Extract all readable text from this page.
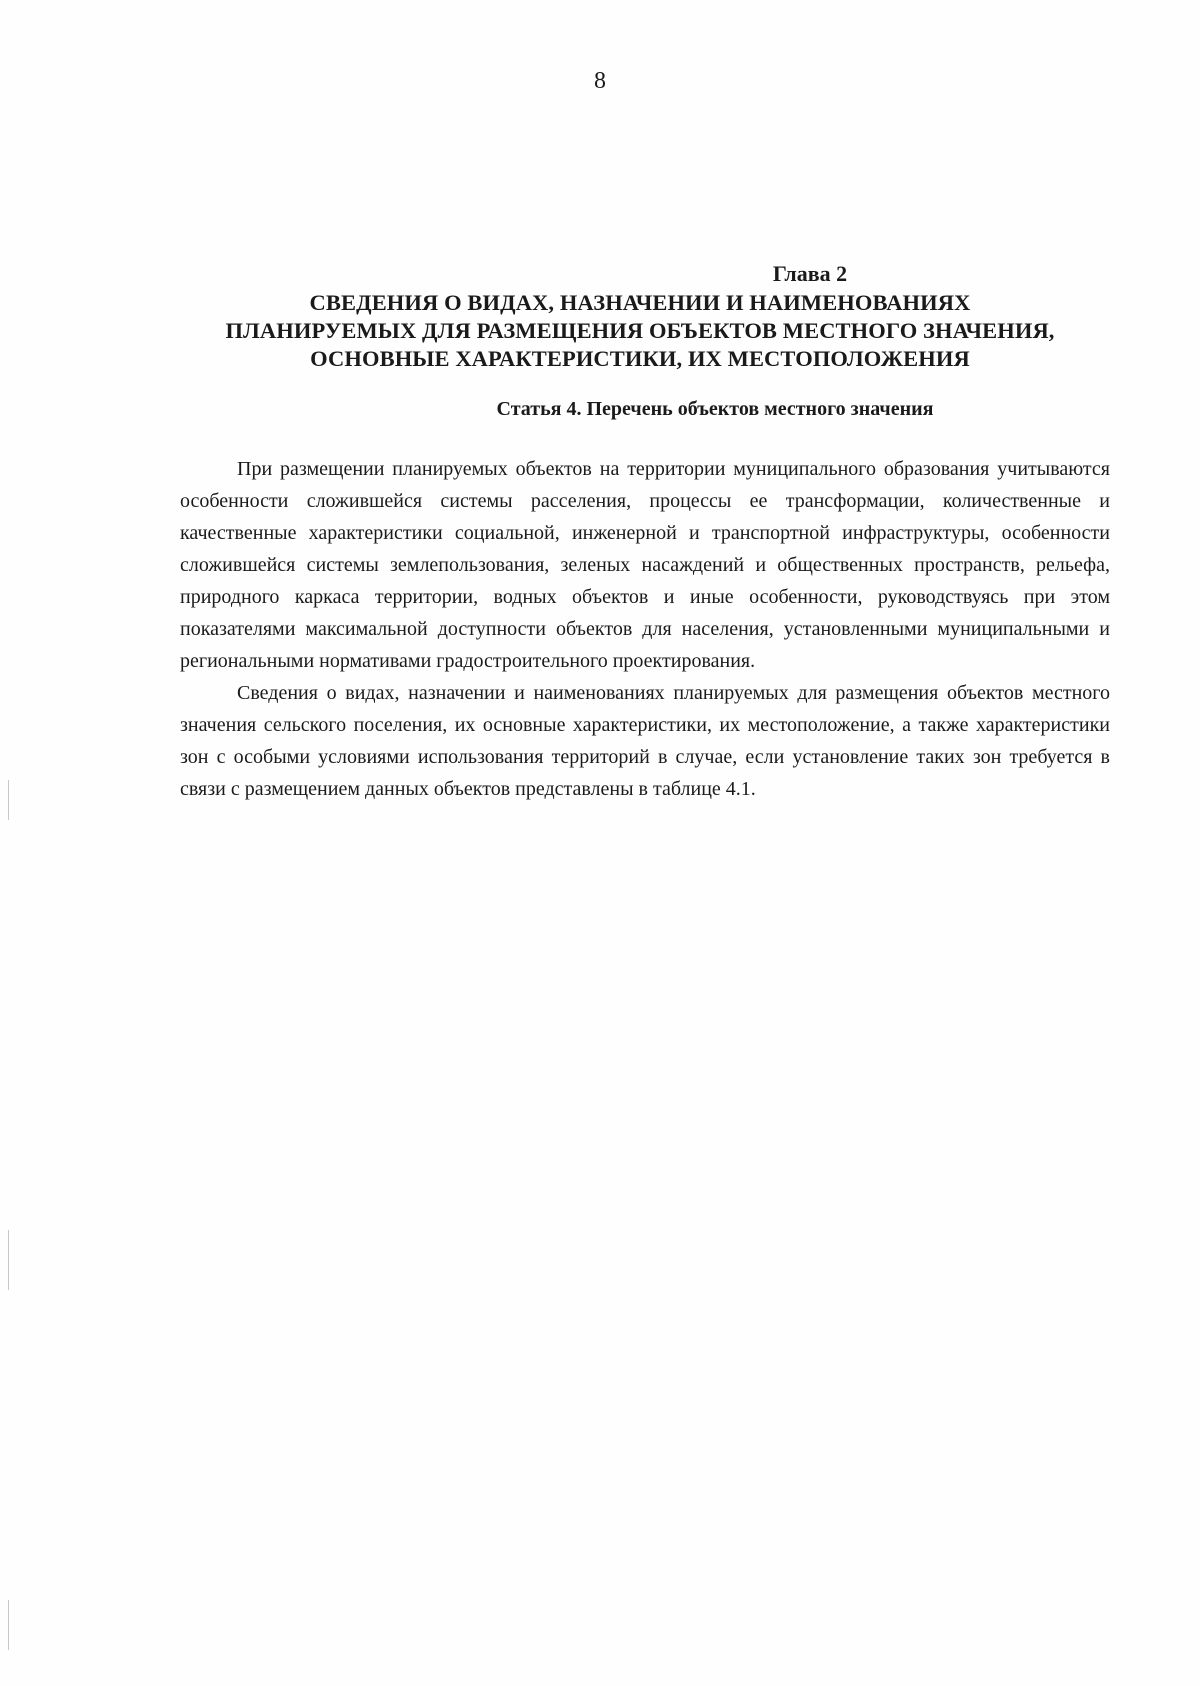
8
Глава 2
СВЕДЕНИЯ О ВИДАХ, НАЗНАЧЕНИИ И НАИМЕНОВАНИЯХ
ПЛАНИРУЕМЫХ ДЛЯ РАЗМЕЩЕНИЯ ОБЪЕКТОВ МЕСТНОГО ЗНАЧЕНИЯ,
ОСНОВНЫЕ ХАРАКТЕРИСТИКИ, ИХ МЕСТОПОЛОЖЕНИЯ
Статья 4. Перечень объектов местного значения

При размещении планируемых объектов на территории муниципального образования учитываются особенности сложившейся системы расселения, процессы ее трансформации, количественные и качественные характеристики социальной, инженерной и транспортной инфраструктуры, особенности сложившейся системы землепользования, зеленых насаждений и общественных пространств, рельефа, природного каркаса территории, водных объектов и иные особенности, руководствуясь при этом показателями максимальной доступности объектов для населения, установленными муниципальными и региональными нормативами градостроительного проектирования.

Сведения о видах, назначении и наименованиях планируемых для размещения объектов местного значения сельского поселения, их основные характеристики, их местоположение, а также характеристики зон с особыми условиями использования территорий в случае, если установление таких зон требуется в связи с размещением данных объектов представлены в таблице 4.1.
